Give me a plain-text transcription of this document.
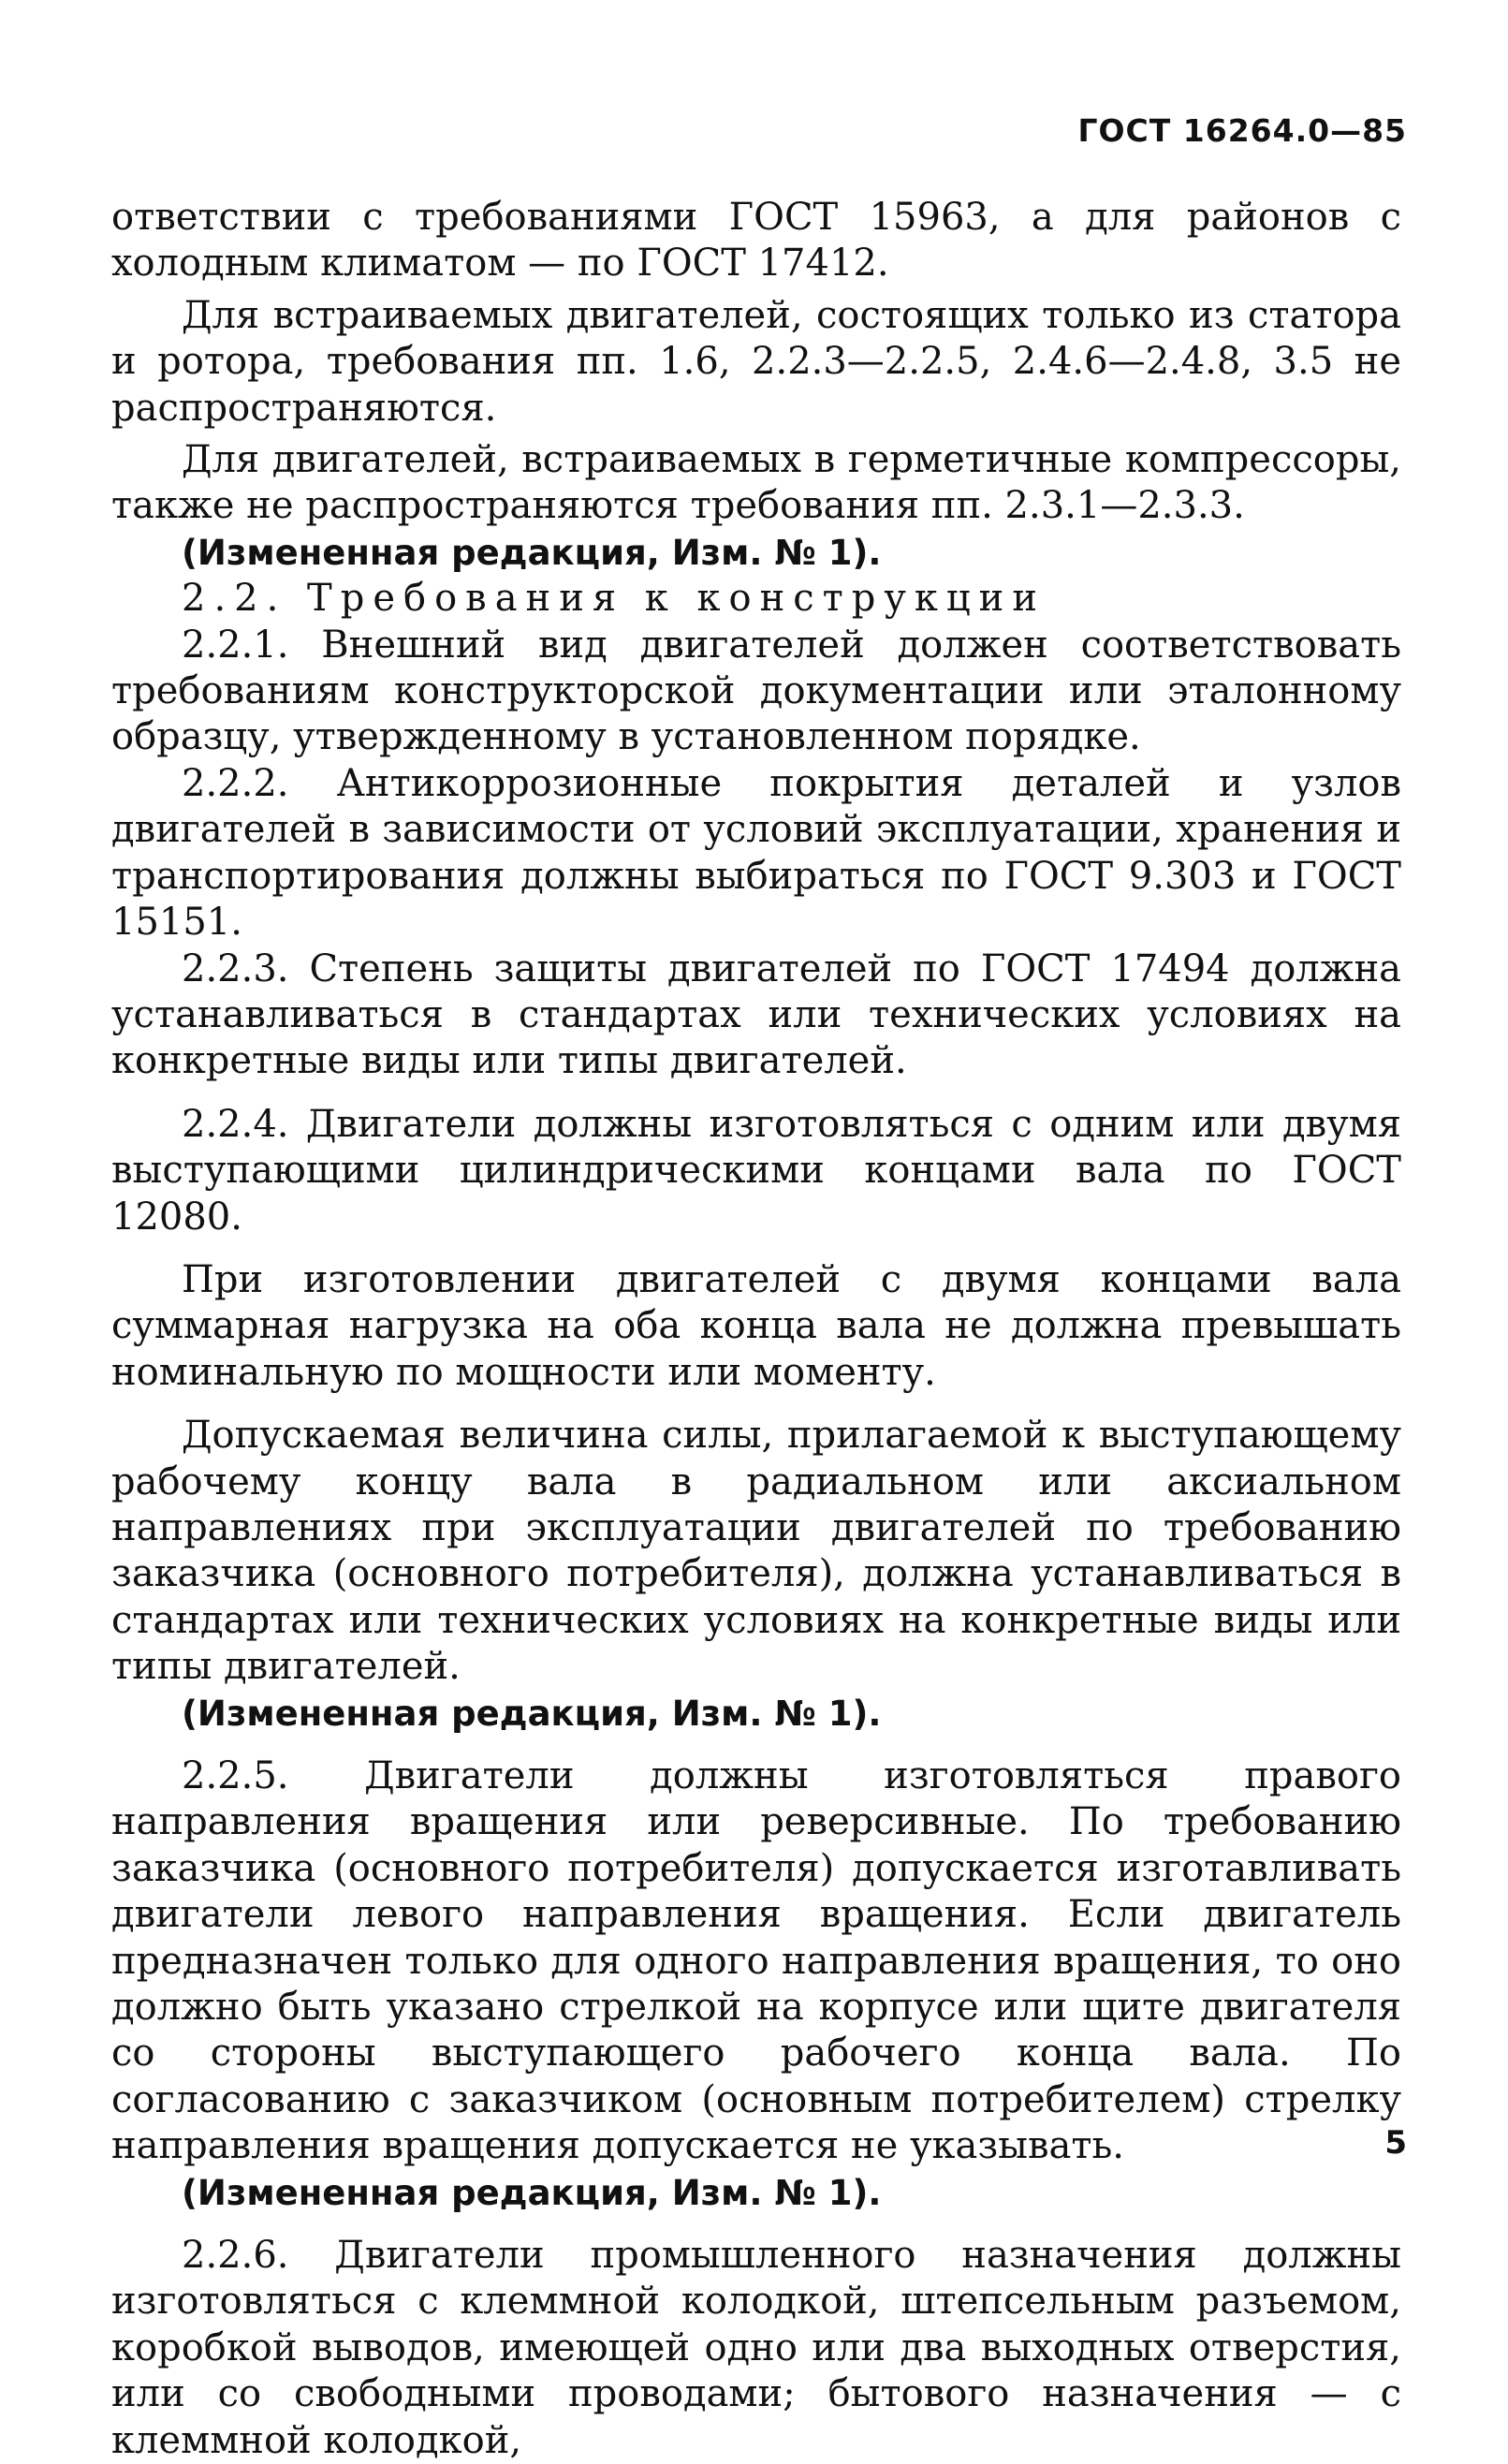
ГОСТ 16264.0—85

ответствии с требованиями ГОСТ 15963, а для районов с холодным климатом — по ГОСТ 17412.

Для встраиваемых двигателей, состоящих только из статора и ротора, требования пп. 1.6, 2.2.3—2.2.5, 2.4.6—2.4.8, 3.5 не распространяются.

Для двигателей, встраиваемых в герметичные компрессоры, также не распространяются требования пп. 2.3.1—2.3.3.

(Измененная редакция, Изм. № 1).

2.2. Требования к конструкции

2.2.1. Внешний вид двигателей должен соответствовать требованиям конструкторской документации или эталонному образцу, утвержденному в установленном порядке.

2.2.2. Антикоррозионные покрытия деталей и узлов двигателей в зависимости от условий эксплуатации, хранения и транспортирования должны выбираться по ГОСТ 9.303 и ГОСТ 15151.

2.2.3. Степень защиты двигателей по ГОСТ 17494 должна устанавливаться в стандартах или технических условиях на конкретные виды или типы двигателей.

2.2.4. Двигатели должны изготовляться с одним или двумя выступающими цилиндрическими концами вала по ГОСТ 12080.

При изготовлении двигателей с двумя концами вала суммарная нагрузка на оба конца вала не должна превышать номинальную по мощности или моменту.

Допускаемая величина силы, прилагаемой к выступающему рабочему концу вала в радиальном или аксиальном направлениях при эксплуатации двигателей по требованию заказчика (основного потребителя), должна устанавливаться в стандартах или технических условиях на конкретные виды или типы двигателей.

(Измененная редакция, Изм. № 1).

2.2.5. Двигатели должны изготовляться правого направления вращения или реверсивные. По требованию заказчика (основного потребителя) допускается изготавливать двигатели левого направления вращения. Если двигатель предназначен только для одного направления вращения, то оно должно быть указано стрелкой на корпусе или щите двигателя со стороны выступающего рабочего конца вала. По согласованию с заказчиком (основным потребителем) стрелку направления вращения допускается не указывать.

(Измененная редакция, Изм. № 1).

2.2.6. Двигатели промышленного назначения должны изготовляться с клеммной колодкой, штепсельным разъемом, коробкой выводов, имеющей одно или два выходных отверстия, или со свободными проводами; бытового назначения — с клеммной колодкой,

5
